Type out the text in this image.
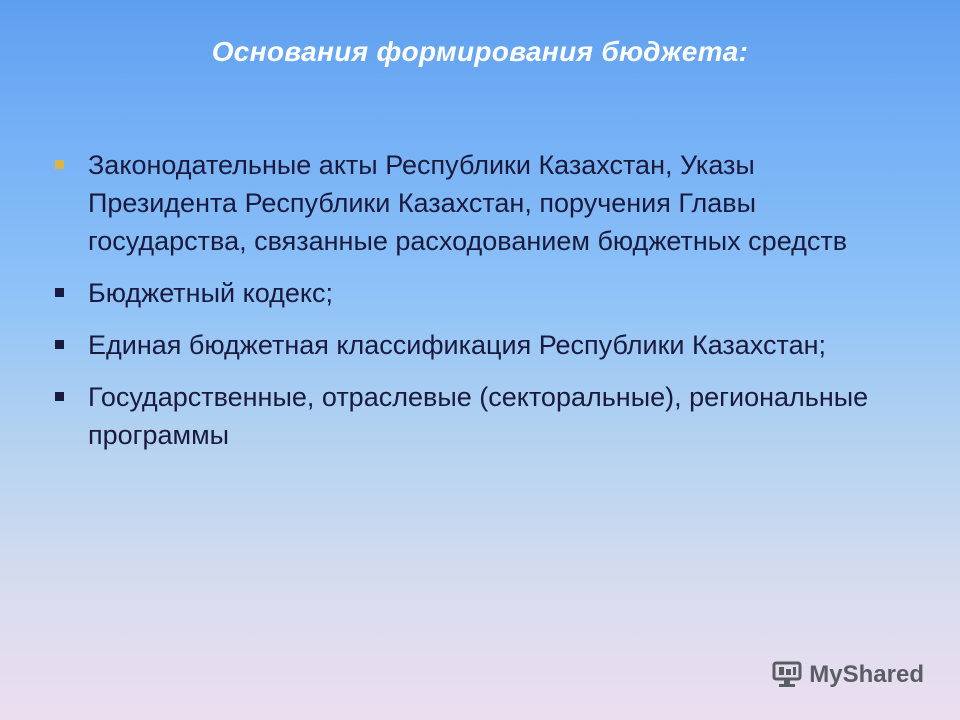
Основания формирования бюджета:
Законодательные акты Республики Казахстан, Указы Президента Республики Казахстан, поручения Главы государства, связанные расходованием бюджетных средств
Бюджетный кодекс;
Единая бюджетная классификация Республики Казахстан;
Государственные, отраслевые (секторальные), региональные программы
MyShared
